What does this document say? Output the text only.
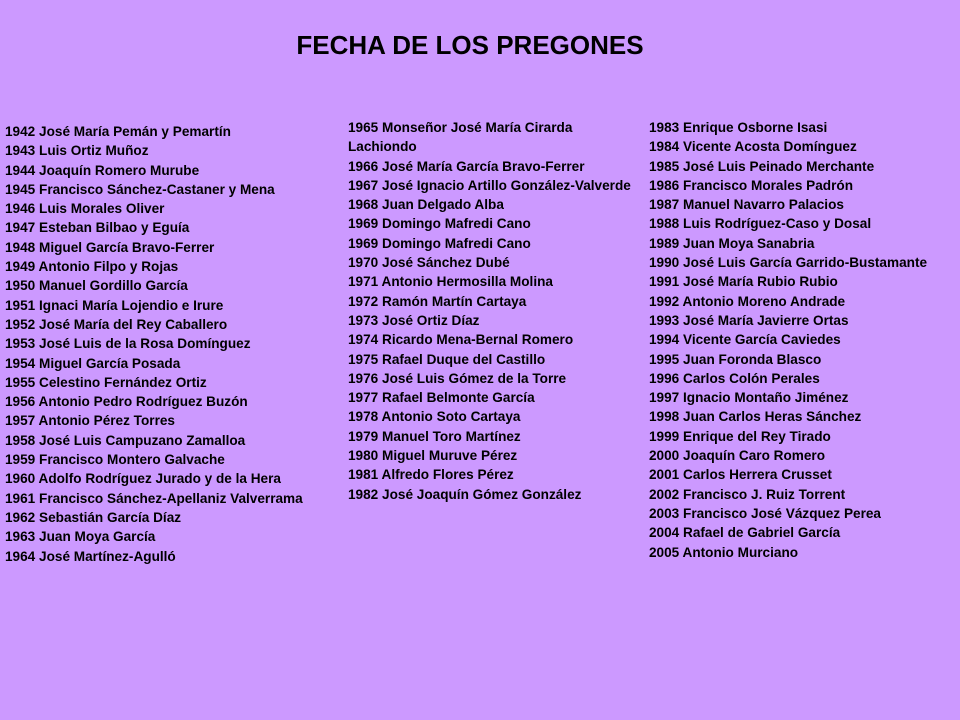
FECHA DE LOS PREGONES
1942 José María Pemán y Pemartín
1943 Luis Ortiz Muñoz
1944 Joaquín Romero Murube
1945 Francisco Sánchez-Castaner y Mena
1946 Luis Morales Oliver
1947 Esteban Bilbao y Eguía
1948 Miguel García Bravo-Ferrer
1949 Antonio Filpo y Rojas
1950 Manuel Gordillo García
1951 Ignaci María Lojendio e Irure
1952 José María del Rey Caballero
1953 José Luis de la Rosa Domínguez
1954 Miguel García Posada
1955 Celestino Fernández Ortiz
1956 Antonio Pedro Rodríguez Buzón
1957 Antonio Pérez Torres
1958 José Luis Campuzano Zamalloa
1959 Francisco Montero Galvache
1960 Adolfo Rodríguez Jurado y de la Hera
1961 Francisco Sánchez-Apellaniz Valverrama
1962 Sebastián García Díaz
1963 Juan Moya García
1964 José Martínez-Agulló
1965 Monseñor José María Cirarda Lachiondo
1966 José María García Bravo-Ferrer
1967 José Ignacio Artillo González-Valverde
1968 Juan Delgado Alba
1969 Domingo Mafredi Cano
1969 Domingo Mafredi Cano
1970 José Sánchez Dubé
1971 Antonio Hermosilla Molina
1972 Ramón Martín Cartaya
1973 José Ortiz Díaz
1974 Ricardo Mena-Bernal Romero
1975 Rafael Duque del Castillo
1976 José Luis Gómez de la Torre
1977 Rafael Belmonte García
1978 Antonio Soto Cartaya
1979 Manuel Toro Martínez
1980 Miguel Muruve Pérez
1981 Alfredo Flores Pérez
1982 José Joaquín Gómez González
1983 Enrique Osborne Isasi
1984 Vicente Acosta Domínguez
1985 José Luis Peinado Merchante
1986 Francisco Morales Padrón
1987 Manuel Navarro Palacios
1988 Luis Rodríguez-Caso y Dosal
1989 Juan Moya Sanabria
1990 José Luis García Garrido-Bustamante
1991 José María Rubio Rubio
1992 Antonio Moreno Andrade
1993 José María Javierre Ortas
1994 Vicente García Caviedes
1995 Juan Foronda Blasco
1996 Carlos Colón Perales
1997 Ignacio Montaño Jiménez
1998 Juan Carlos Heras Sánchez
1999 Enrique del Rey Tirado
2000 Joaquín Caro Romero
2001 Carlos Herrera Crusset
2002 Francisco J. Ruiz Torrent
2003 Francisco José Vázquez Perea
2004 Rafael de Gabriel García
2005 Antonio Murciano
